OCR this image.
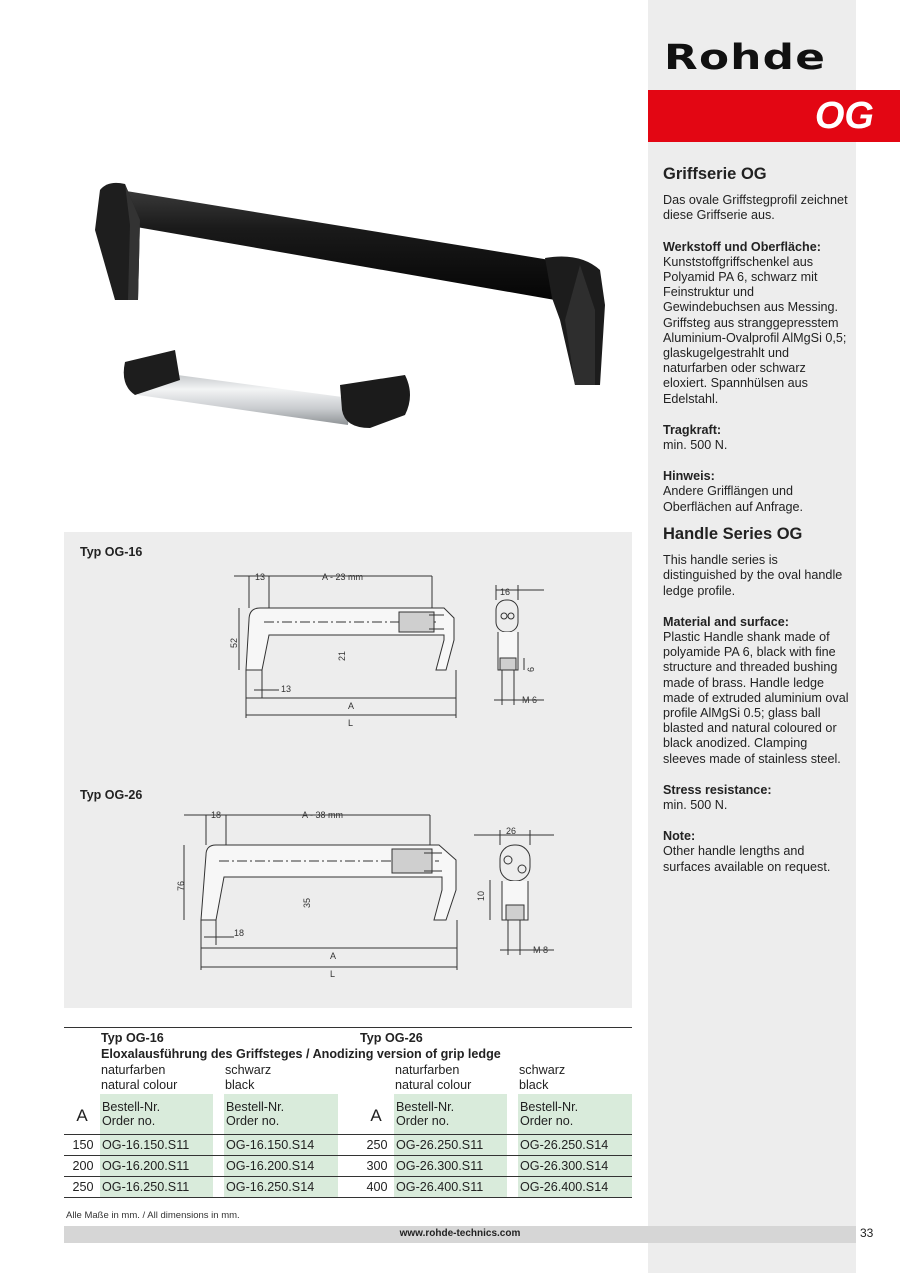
Rohde
OG
Griffserie OG

Das ovale Griffstegprofil zeichnet diese Griffserie aus.

Werkstoff und Oberfläche:
Kunststoffgriffschenkel aus Polyamid PA 6, schwarz mit Feinstruktur und Gewindebuchsen aus Messing. Griffsteg aus stranggepresstem Aluminium-Ovalprofil AlMgSi 0,5; glaskugelgestrahlt und naturfarben oder schwarz eloxiert. Spannhülsen aus Edelstahl.

Tragkraft:
min. 500 N.

Hinweis:
Andere Grifflängen und Oberflächen auf Anfrage.

Handle Series OG

This handle series is distinguished by the oval handle ledge profile.

Material and surface:
Plastic Handle shank made of polyamide PA 6, black with fine structure and threaded bushing made of brass. Handle ledge made of extruded aluminium oval profile AlMgSi 0.5; glass ball blasted and natural coloured or black anodized. Clamping sleeves made of stainless steel.

Stress resistance:
min. 500 N.

Note:
Other handle lengths and surfaces available on request.

Typ OG-16
Typ OG-26
13	A - 23 mm
52
21
13
A
L
16
6
M 6
18	A - 38 mm
76
35
18
A
L
26
10
M 8
	Typ OG-16				Typ OG-26			
	Eloxalausführung des Griffsteges / Anodizing version of grip ledge							
	naturfarben
natural colour		schwarz
black			naturfarben
natural colour		schwarz
black
A	Bestell-Nr.
Order no.		Bestell-Nr.
Order no.		A	Bestell-Nr.
Order no.		Bestell-Nr.
Order no.
150	OG-16.150.S11		OG-16.150.S14		250	OG-26.250.S11		OG-26.250.S14
200	OG-16.200.S11		OG-16.200.S14		300	OG-26.300.S11		OG-26.300.S14
250	OG-16.250.S11		OG-16.250.S14		400	OG-26.400.S11		OG-26.400.S14
Alle Maße in mm. / All dimensions in mm.
www.rohde-technics.com	33
